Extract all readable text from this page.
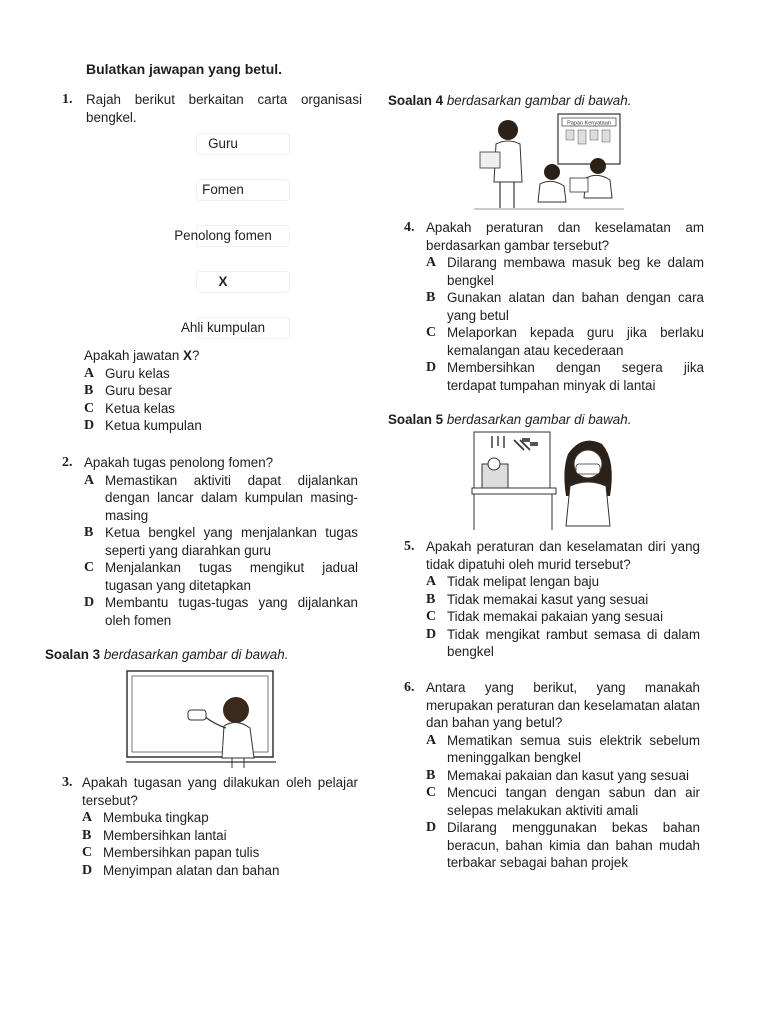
Bulatkan jawapan yang betul.
1. Rajah berikut berkaitan carta organisasi bengkel.
Guru
Fomen
Penolong fomen
X
Ahli kumpulan
Apakah jawatan X?
A Guru kelas
B Guru besar
C Ketua kelas
D Ketua kumpulan
2. Apakah tugas penolong fomen?
A Memastikan aktiviti dapat dijalankan dengan lancar dalam kumpulan masing-masing
B Ketua bengkel yang menjalankan tugas seperti yang diarahkan guru
C Menjalankan tugas mengikut jadual tugasan yang ditetapkan
D Membantu tugas-tugas yang dijalankan oleh fomen
Soalan 3 berdasarkan gambar di bawah.
3. Apakah tugasan yang dilakukan oleh pelajar tersebut?
A Membuka tingkap
B Membersihkan lantai
C Membersihkan papan tulis
D Menyimpan alatan dan bahan
Soalan 4 berdasarkan gambar di bawah.
Papan Kenyataan
4. Apakah peraturan dan keselamatan am berdasarkan gambar tersebut?
A Dilarang membawa masuk beg ke dalam bengkel
B Gunakan alatan dan bahan dengan cara yang betul
C Melaporkan kepada guru jika berlaku kemalangan atau kecederaan
D Membersihkan dengan segera jika terdapat tumpahan minyak di lantai
Soalan 5 berdasarkan gambar di bawah.
5. Apakah peraturan dan keselamatan diri yang tidak dipatuhi oleh murid tersebut?
A Tidak melipat lengan baju
B Tidak memakai kasut yang sesuai
C Tidak memakai pakaian yang sesuai
D Tidak mengikat rambut semasa di dalam bengkel
6. Antara yang berikut, yang manakah merupakan peraturan dan keselamatan alatan dan bahan yang betul?
A Mematikan semua suis elektrik sebelum meninggalkan bengkel
B Memakai pakaian dan kasut yang sesuai
C Mencuci tangan dengan sabun dan air selepas melakukan aktiviti amali
D Dilarang menggunakan bekas bahan beracun, bahan kimia dan bahan mudah terbakar sebagai bahan projek
